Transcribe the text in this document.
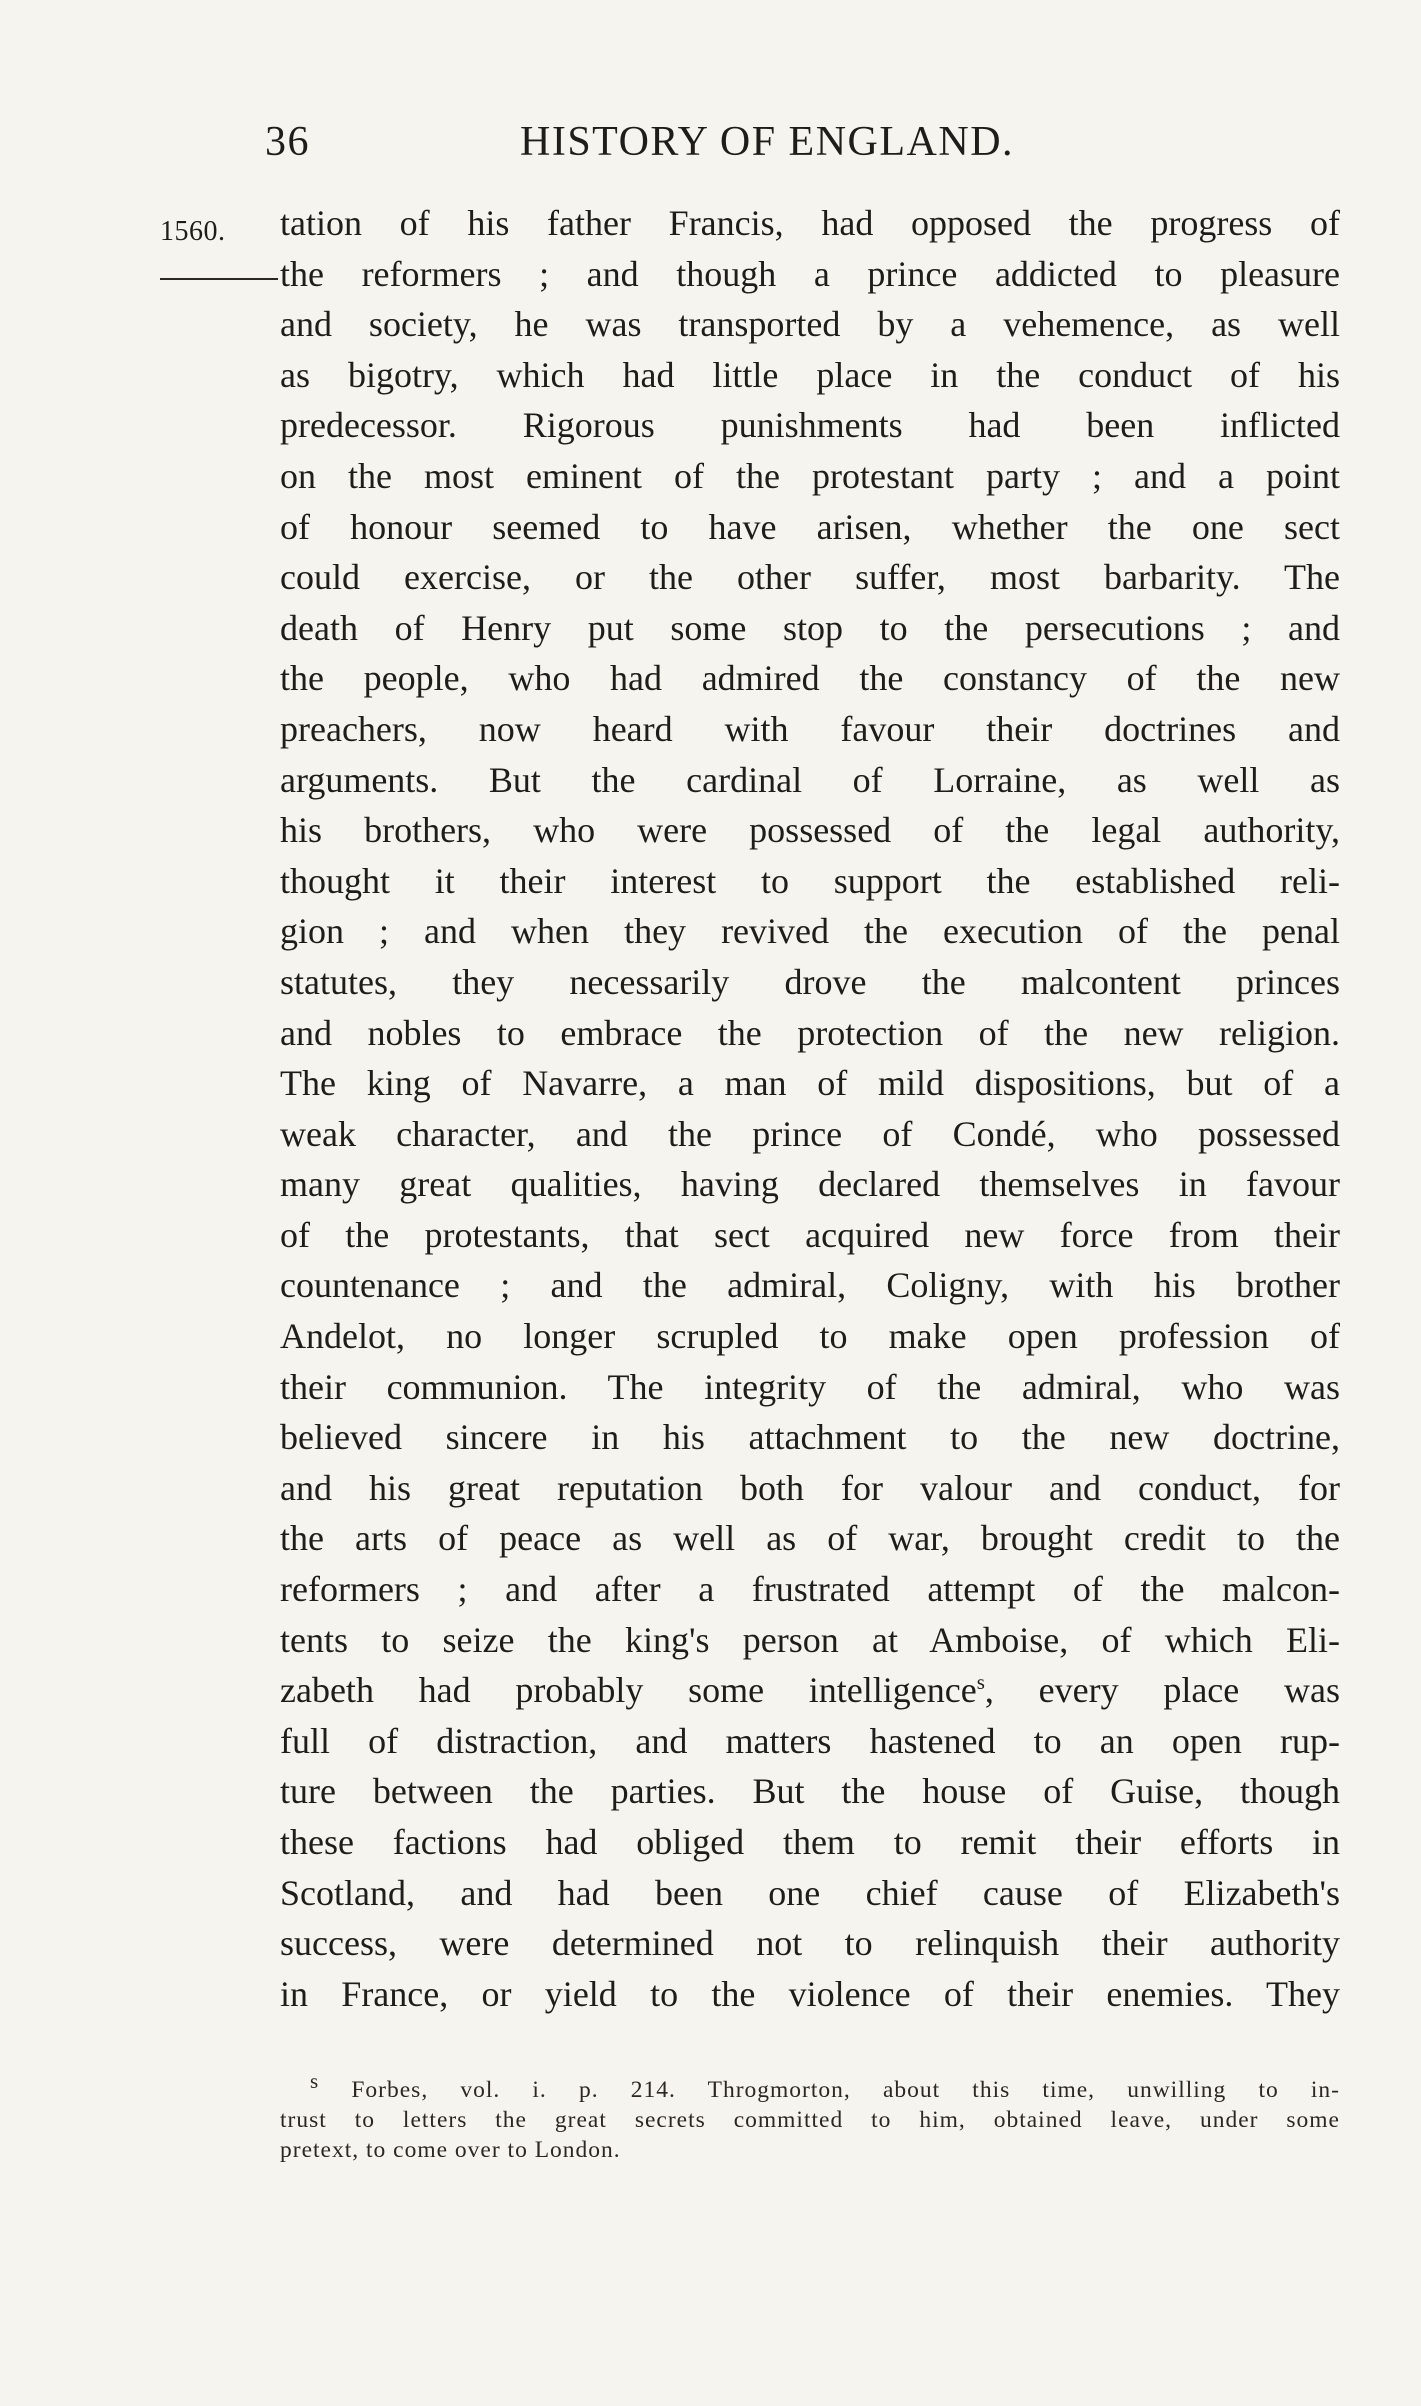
36	HISTORY OF ENGLAND.
1560. tation of his father Francis, had opposed the progress of
the reformers ; and though a prince addicted to pleasure
and society, he was transported by a vehemence, as well
as bigotry, which had little place in the conduct of his
predecessor. Rigorous punishments had been inflicted
on the most eminent of the protestant party ; and a point
of honour seemed to have arisen, whether the one sect
could exercise, or the other suffer, most barbarity. The
death of Henry put some stop to the persecutions ; and
the people, who had admired the constancy of the new
preachers, now heard with favour their doctrines and
arguments. But the cardinal of Lorraine, as well as
his brothers, who were possessed of the legal authority,
thought it their interest to support the established reli-
gion ; and when they revived the execution of the penal
statutes, they necessarily drove the malcontent princes
and nobles to embrace the protection of the new religion.
The king of Navarre, a man of mild dispositions, but of a
weak character, and the prince of Condé, who possessed
many great qualities, having declared themselves in favour
of the protestants, that sect acquired new force from their
countenance ; and the admiral, Coligny, with his brother
Andelot, no longer scrupled to make open profession of
their communion. The integrity of the admiral, who was
believed sincere in his attachment to the new doctrine,
and his great reputation both for valour and conduct, for
the arts of peace as well as of war, brought credit to the
reformers ; and after a frustrated attempt of the malcon-
tents to seize the king's person at Amboise, of which Eli-
zabeth had probably some intelligence$^s$, every place was
full of distraction, and matters hastened to an open rup-
ture between the parties. But the house of Guise, though
these factions had obliged them to remit their efforts in
Scotland, and had been one chief cause of Elizabeth's
success, were determined not to relinquish their authority
in France, or yield to the violence of their enemies. They
s Forbes, vol. i. p. 214. Throgmorton, about this time, unwilling to in-
trust to letters the great secrets committed to him, obtained leave, under some
pretext, to come over to London.
